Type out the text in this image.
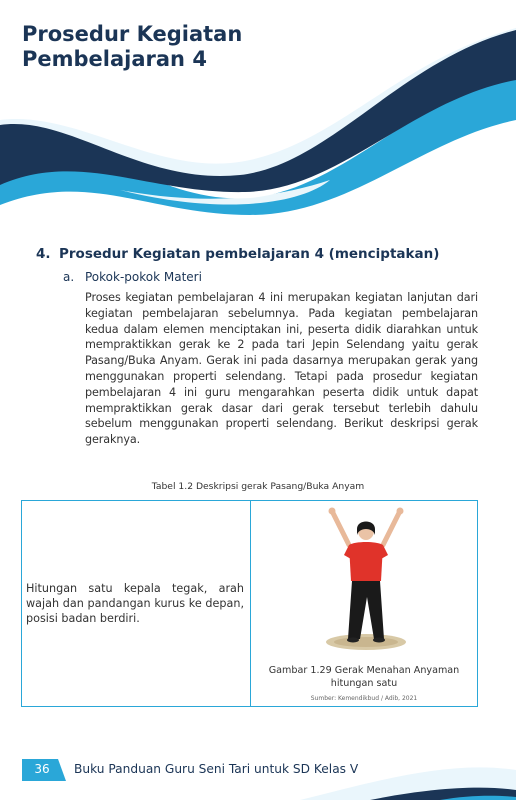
Prosedur Kegiatan
Pembelajaran 4
4. Prosedur Kegiatan pembelajaran 4 (menciptakan)
a. Pokok-pokok Materi
Proses kegiatan pembelajaran 4 ini merupakan kegiatan lanjutan dari kegiatan pembelajaran sebelumnya. Pada kegiatan pembelajaran kedua dalam elemen menciptakan ini, peserta didik diarahkan untuk mempraktikkan gerak ke 2 pada tari Jepin Selendang yaitu gerak Pasang/Buka Anyam. Gerak ini pada dasarnya merupakan gerak yang menggunakan properti selendang. Tetapi pada prosedur kegiatan pembelajaran 4 ini guru mengarahkan peserta didik untuk dapat mempraktikkan gerak dasar dari gerak tersebut terlebih dahulu sebelum menggunakan properti selendang. Berikut deskripsi gerak geraknya.
Tabel 1.2 Deskripsi gerak Pasang/Buka Anyam
Hitungan satu kepala tegak, arah wajah dan pandangan kurus ke depan, posisi badan berdiri.
Gambar 1.29 Gerak Menahan Anyaman
hitungan satu
Sumber: Kemendikbud / Adib, 2021
36	Buku Panduan Guru Seni Tari untuk SD Kelas V
